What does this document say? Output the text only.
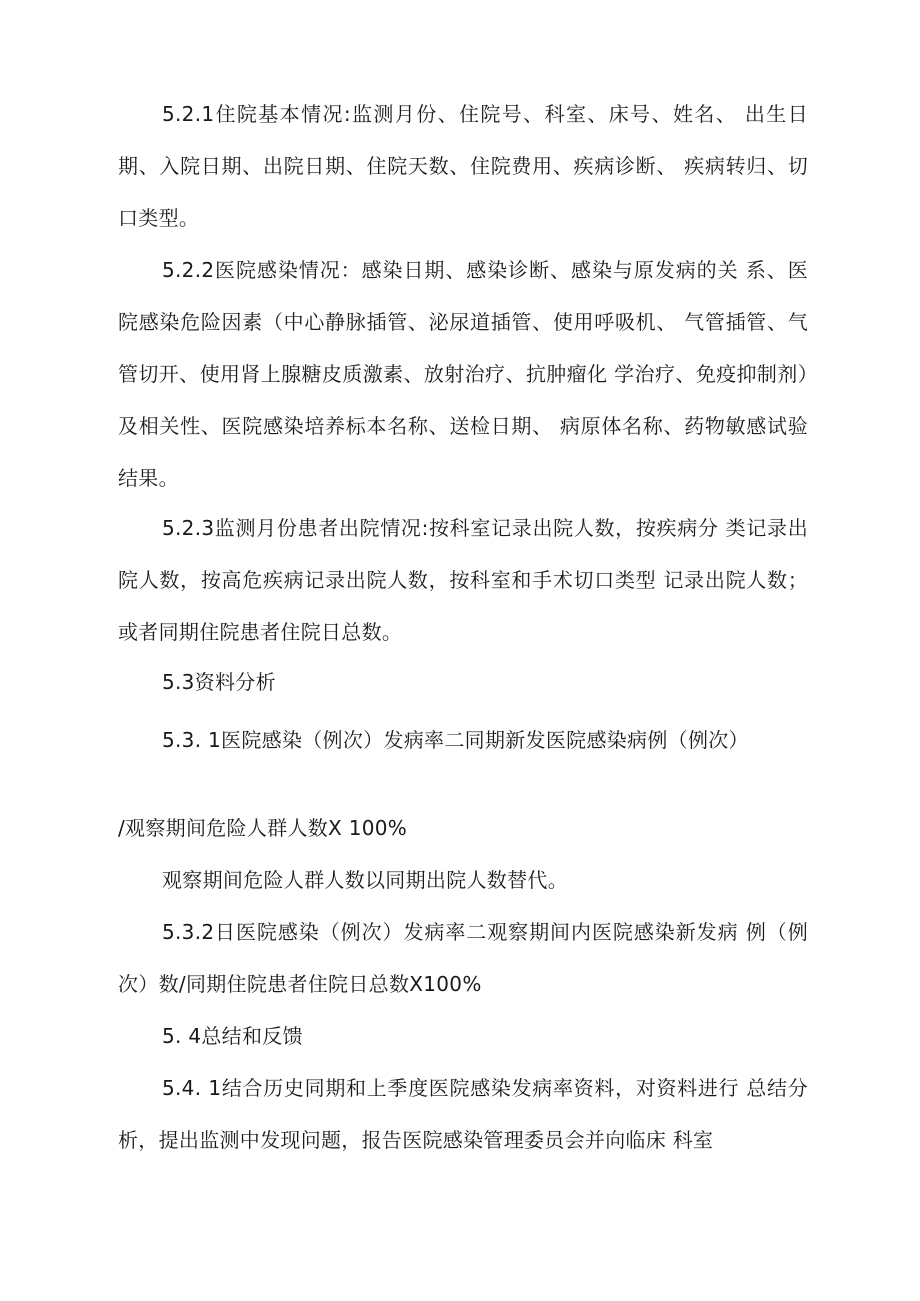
5.2.1住院基本情况:监测月份、住院号、科室、床号、姓名、 出生日期、入院日期、出院日期、住院天数、住院费用、疾病诊断、 疾病转归、切口类型。

5.2.2医院感染情况：感染日期、感染诊断、感染与原发病的关 系、医院感染危险因素（中心静脉插管、泌尿道插管、使用呼吸机、 气管插管、气管切开、使用肾上腺糖皮质激素、放射治疗、抗肿瘤化 学治疗、免疫抑制剂）及相关性、医院感染培养标本名称、送检日期、 病原体名称、药物敏感试验结果。

5.2.3监测月份患者出院情况:按科室记录出院人数，按疾病分 类记录出院人数，按高危疾病记录出院人数，按科室和手术切口类型 记录出院人数；或者同期住院患者住院日总数。

5.3资料分析

5.3. 1医院感染（例次）发病率二同期新发医院感染病例（例次）

/观察期间危险人群人数X 100%

观察期间危险人群人数以同期出院人数替代。

5.3.2日医院感染（例次）发病率二观察期间内医院感染新发病 例（例次）数/同期住院患者住院日总数X100%

5. 4总结和反馈

5.4. 1结合历史同期和上季度医院感染发病率资料，对资料进行 总结分析，提出监测中发现问题，报告医院感染管理委员会并向临床 科室
